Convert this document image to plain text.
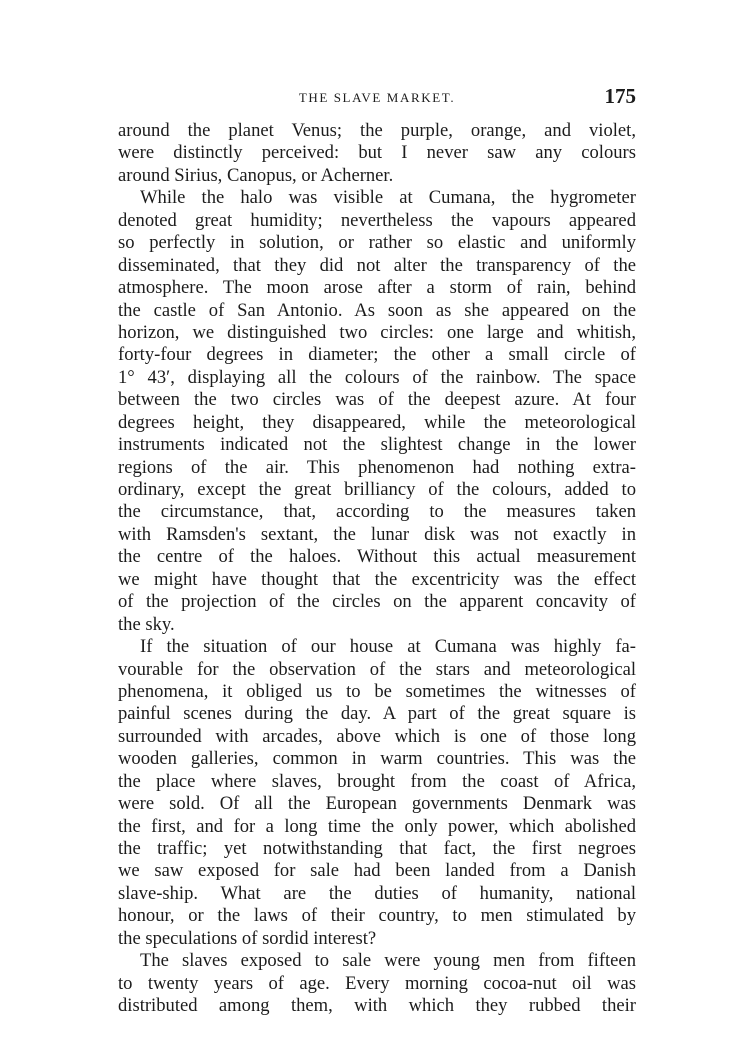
THE SLAVE MARKET.	175
around the planet Venus; the purple, orange, and violet,
were distinctly perceived: but I never saw any colours
around Sirius, Canopus, or Acherner.
While the halo was visible at Cumana, the hygrometer
denoted great humidity; nevertheless the vapours appeared
so perfectly in solution, or rather so elastic and uniformly
disseminated, that they did not alter the transparency of the
atmosphere. The moon arose after a storm of rain, behind
the castle of San Antonio. As soon as she appeared on the
horizon, we distinguished two circles: one large and whitish,
forty-four degrees in diameter; the other a small circle of
1° 43′, displaying all the colours of the rainbow. The space
between the two circles was of the deepest azure. At four
degrees height, they disappeared, while the meteorological
instruments indicated not the slightest change in the lower
regions of the air. This phenomenon had nothing extra-
ordinary, except the great brilliancy of the colours, added to
the circumstance, that, according to the measures taken
with Ramsden's sextant, the lunar disk was not exactly in
the centre of the haloes. Without this actual measurement
we might have thought that the excentricity was the effect
of the projection of the circles on the apparent concavity of
the sky.
If the situation of our house at Cumana was highly fa-
vourable for the observation of the stars and meteorological
phenomena, it obliged us to be sometimes the witnesses of
painful scenes during the day. A part of the great square is
surrounded with arcades, above which is one of those long
wooden galleries, common in warm countries. This was the
the place where slaves, brought from the coast of Africa,
were sold. Of all the European governments Denmark was
the first, and for a long time the only power, which abolished
the traffic; yet notwithstanding that fact, the first negroes
we saw exposed for sale had been landed from a Danish
slave-ship. What are the duties of humanity, national
honour, or the laws of their country, to men stimulated by
the speculations of sordid interest?
The slaves exposed to sale were young men from fifteen
to twenty years of age. Every morning cocoa-nut oil was
distributed among them, with which they rubbed their
